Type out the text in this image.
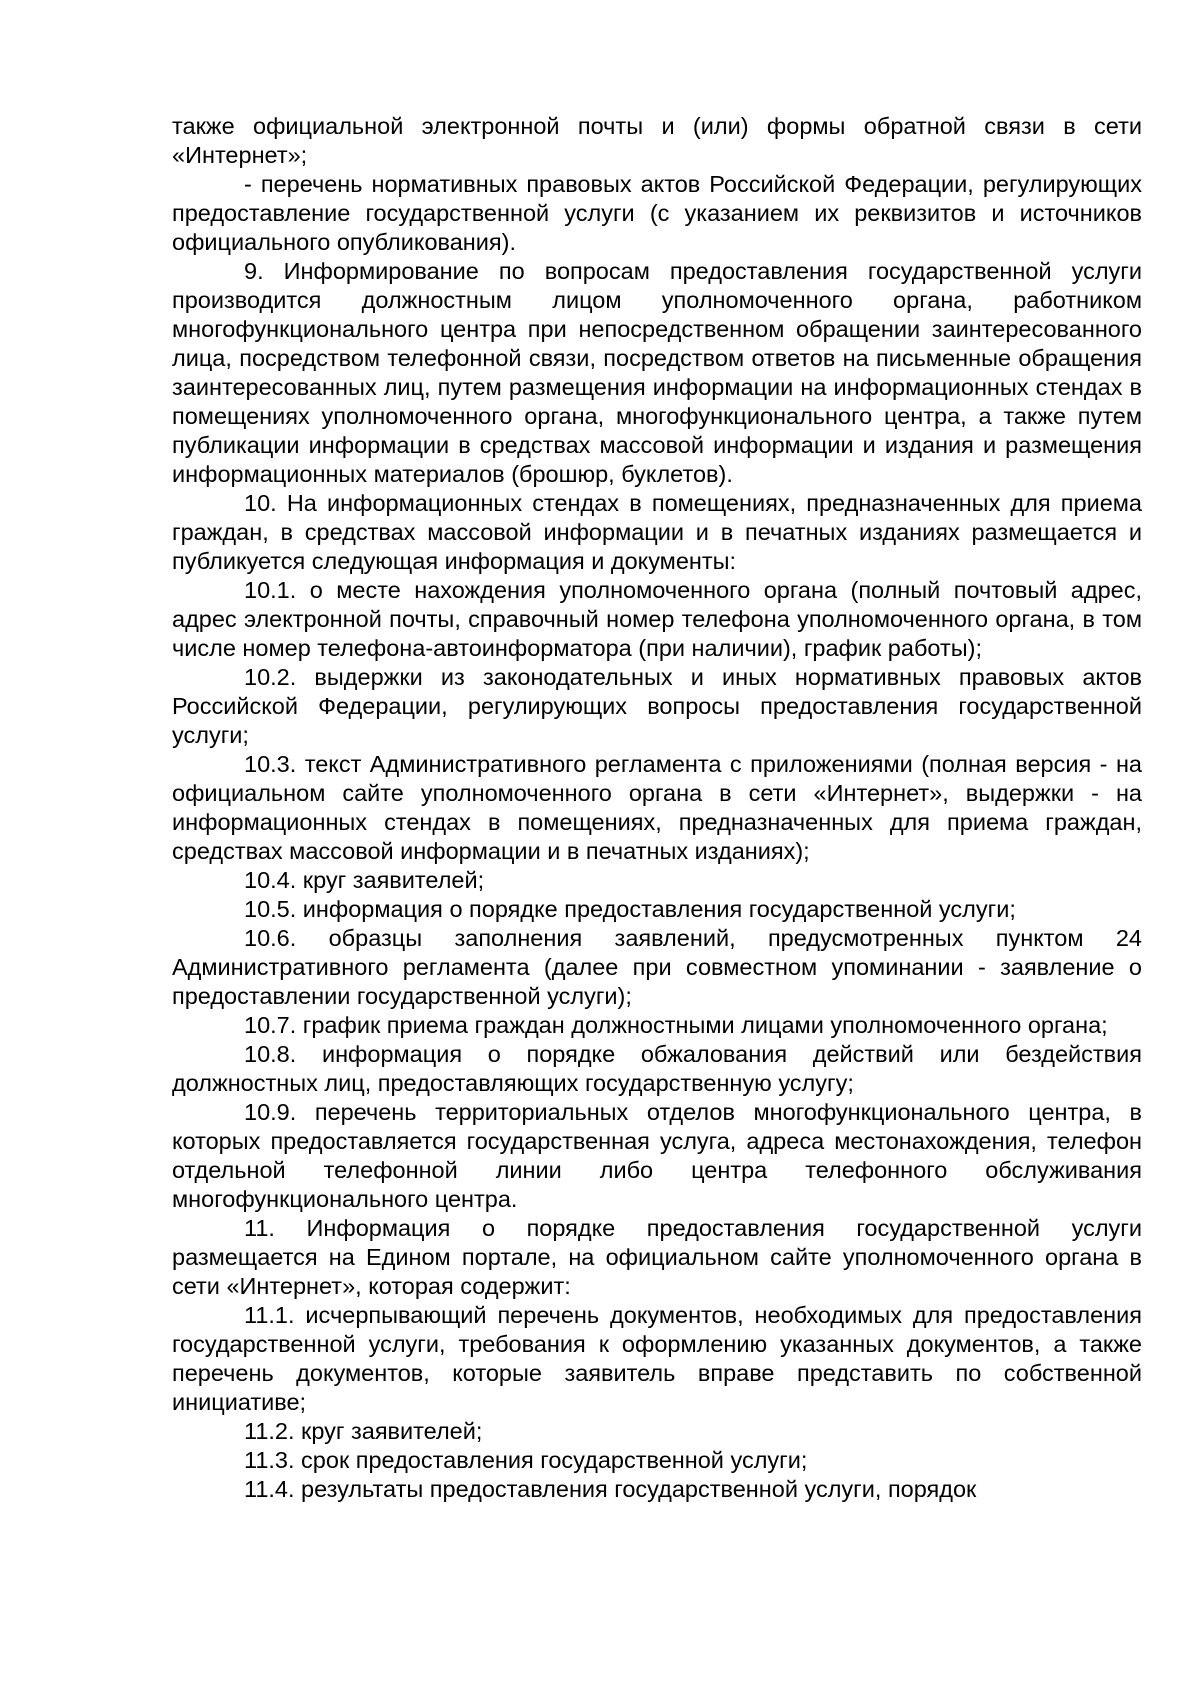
также официальной электронной почты и (или) формы обратной связи в сети «Интернет»;

- перечень нормативных правовых актов Российской Федерации, регулирующих предоставление государственной услуги (с указанием их реквизитов и источников официального опубликования).

9. Информирование по вопросам предоставления государственной услуги производится должностным лицом уполномоченного органа, работником многофункционального центра при непосредственном обращении заинтересованного лица, посредством телефонной связи, посредством ответов на письменные обращения заинтересованных лиц, путем размещения информации на информационных стендах в помещениях уполномоченного органа, многофункционального центра, а также путем публикации информации в средствах массовой информации и издания и размещения информационных материалов (брошюр, буклетов).

10. На информационных стендах в помещениях, предназначенных для приема граждан, в средствах массовой информации и в печатных изданиях размещается и публикуется следующая информация и документы:

10.1. о месте нахождения уполномоченного органа (полный почтовый адрес, адрес электронной почты, справочный номер телефона уполномоченного органа, в том числе номер телефона-автоинформатора (при наличии), график работы);

10.2. выдержки из законодательных и иных нормативных правовых актов Российской Федерации, регулирующих вопросы предоставления государственной услуги;

10.3. текст Административного регламента с приложениями (полная версия - на официальном сайте уполномоченного органа в сети «Интернет», выдержки - на информационных стендах в помещениях, предназначенных для приема граждан, средствах массовой информации и в печатных изданиях);

10.4. круг заявителей;

10.5. информация о порядке предоставления государственной услуги;

10.6. образцы заполнения заявлений, предусмотренных пунктом 24 Административного регламента (далее при совместном упоминании - заявление о предоставлении государственной услуги);

10.7. график приема граждан должностными лицами уполномоченного органа;

10.8. информация о порядке обжалования действий или бездействия должностных лиц, предоставляющих государственную услугу;

10.9. перечень территориальных отделов многофункционального центра, в которых предоставляется государственная услуга, адреса местонахождения, телефон отдельной телефонной линии либо центра телефонного обслуживания многофункционального центра.

11. Информация о порядке предоставления государственной услуги размещается на Едином портале, на официальном сайте уполномоченного органа в сети «Интернет», которая содержит:

11.1. исчерпывающий перечень документов, необходимых для предоставления государственной услуги, требования к оформлению указанных документов, а также перечень документов, которые заявитель вправе представить по собственной инициативе;

11.2. круг заявителей;

11.3. срок предоставления государственной услуги;

11.4. результаты предоставления государственной услуги, порядок
